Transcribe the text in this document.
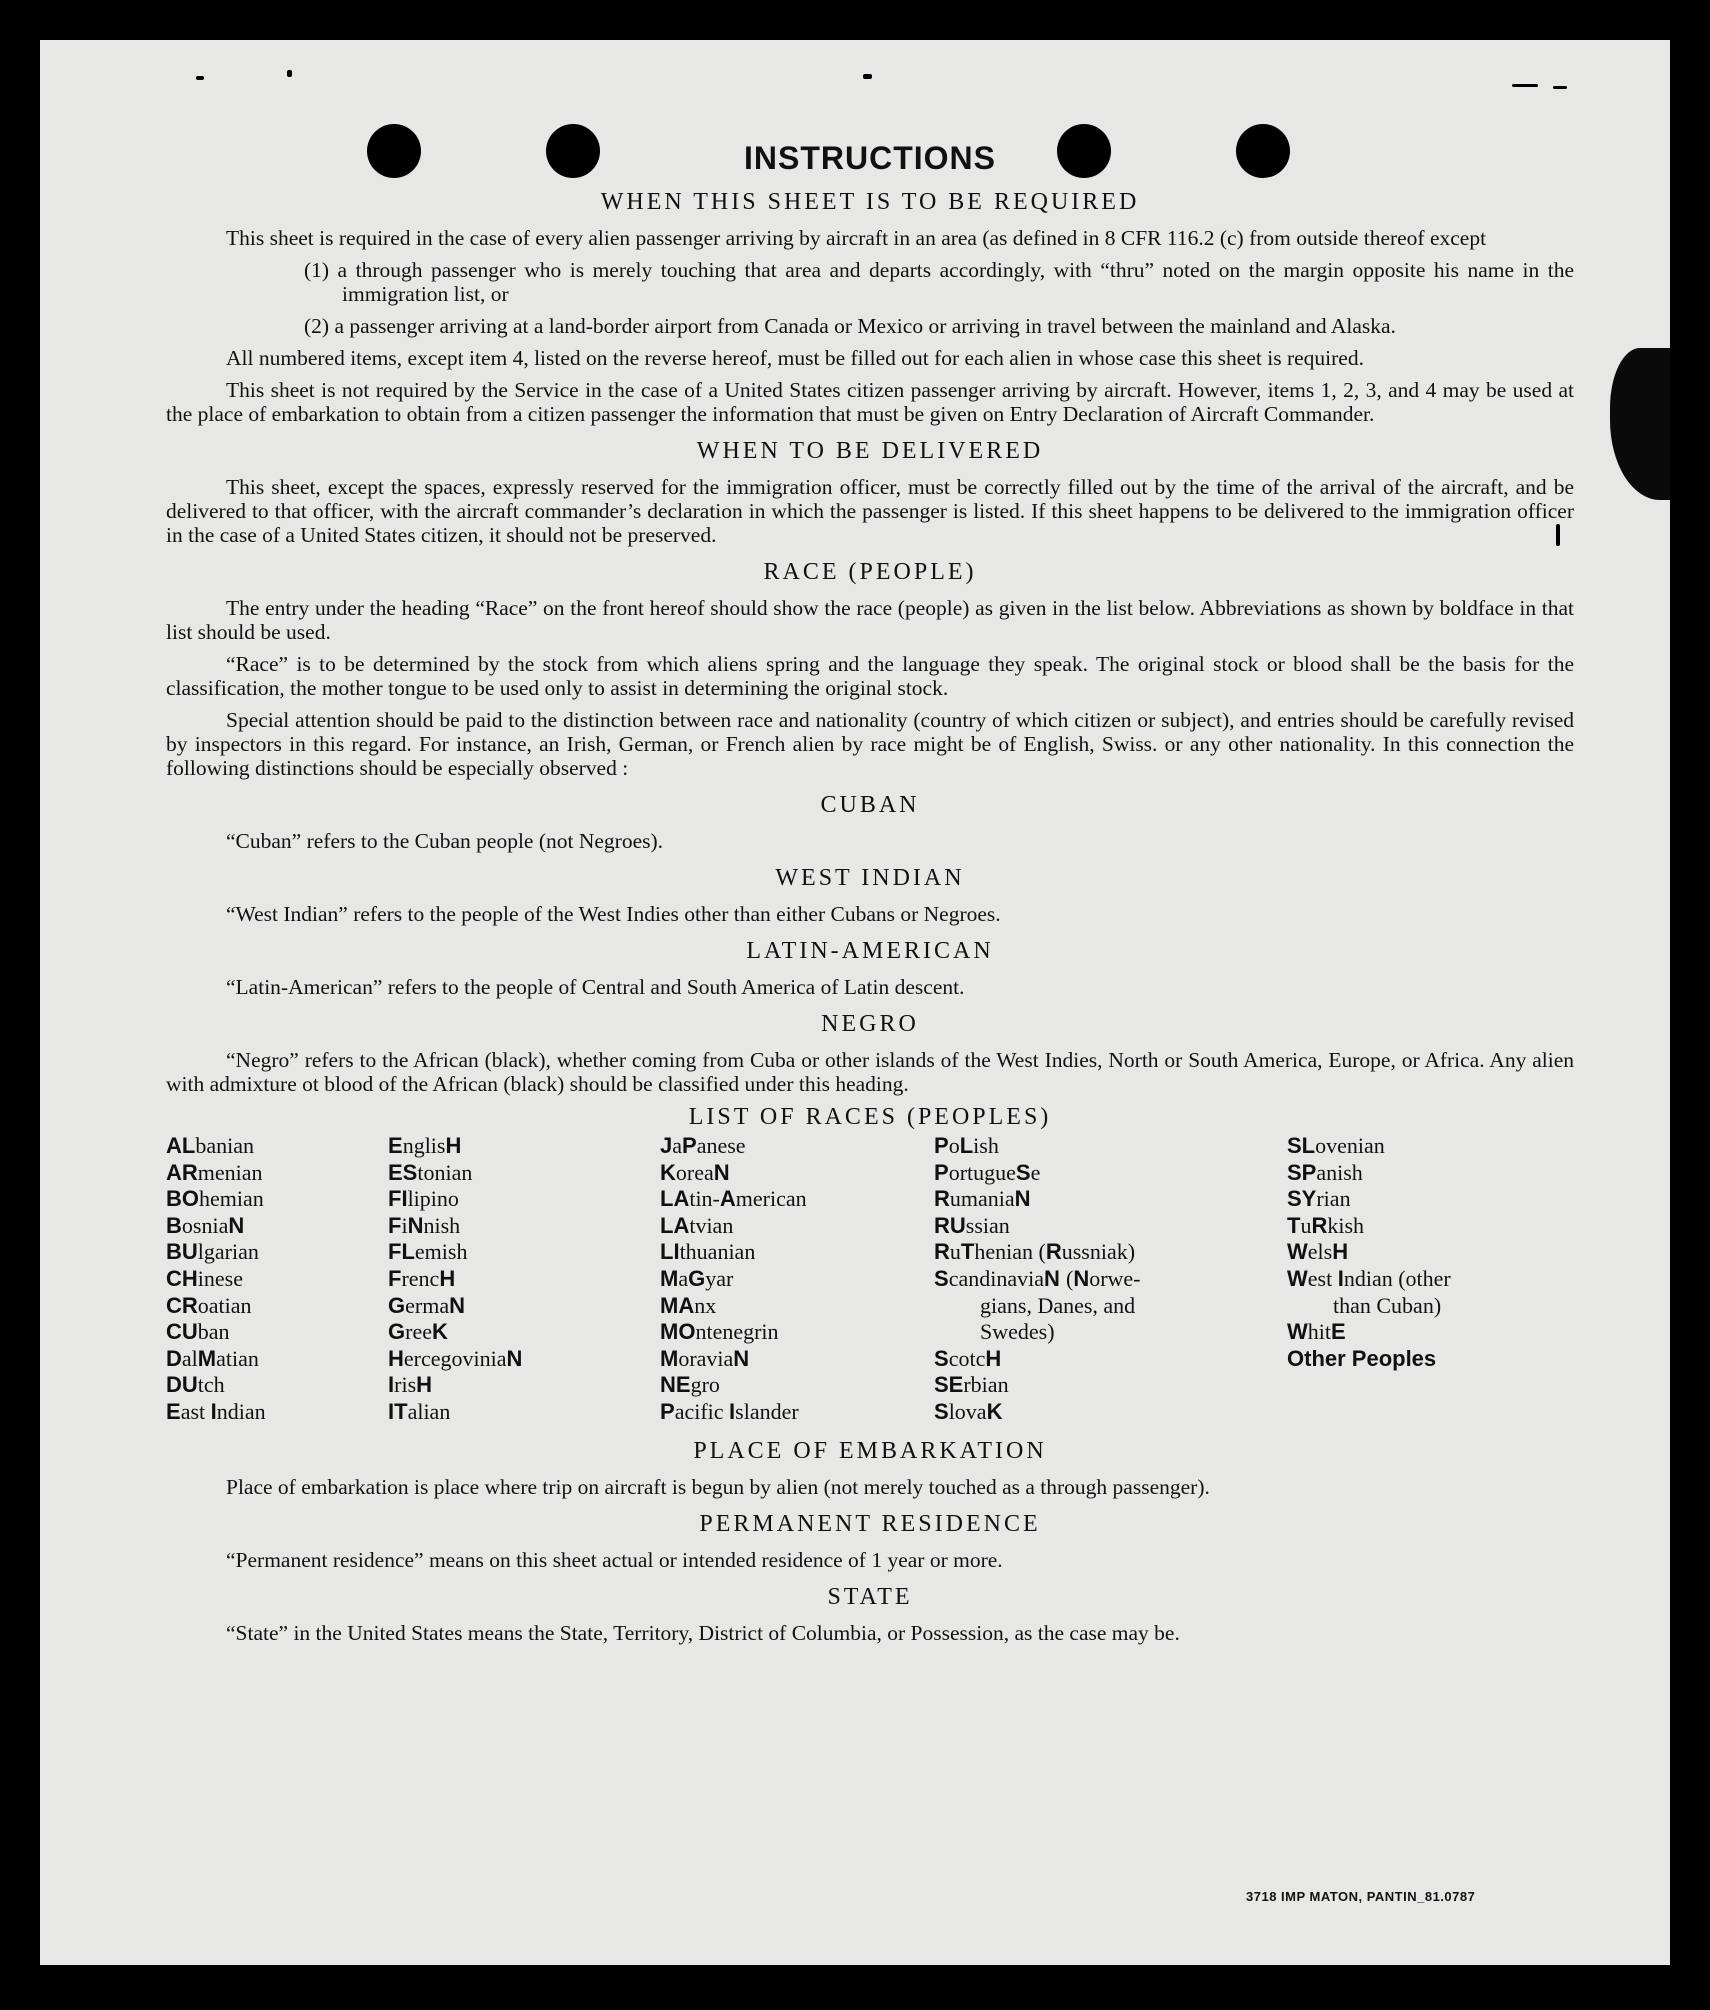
INSTRUCTIONS
WHEN THIS SHEET IS TO BE REQUIRED

This sheet is required in the case of every alien passenger arriving by aircraft in an area (as defined in 8 CFR 116.2 (c) from outside thereof except

(1) a through passenger who is merely touching that area and departs accordingly, with “thru” noted on the margin opposite his name in the immigration list, or

(2) a passenger arriving at a land-border airport from Canada or Mexico or arriving in travel between the mainland and Alaska.

All numbered items, except item 4, listed on the reverse hereof, must be filled out for each alien in whose case this sheet is required.

This sheet is not required by the Service in the case of a United States citizen passenger arriving by aircraft. However, items 1, 2, 3, and 4 may be used at the place of embarkation to obtain from a citizen passenger the information that must be given on Entry Declaration of Aircraft Commander.

WHEN TO BE DELIVERED

This sheet, except the spaces, expressly reserved for the immigration officer, must be correctly filled out by the time of the arrival of the aircraft, and be delivered to that officer, with the aircraft commander’s declaration in which the passenger is listed. If this sheet happens to be delivered to the immigration officer in the case of a United States citizen, it should not be preserved.

RACE (PEOPLE)

The entry under the heading “Race” on the front hereof should show the race (people) as given in the list below. Abbreviations as shown by boldface in that list should be used.

“Race” is to be determined by the stock from which aliens spring and the language they speak. The original stock or blood shall be the basis for the classification, the mother tongue to be used only to assist in determining the original stock.

Special attention should be paid to the distinction between race and nationality (country of which citizen or subject), and entries should be carefully revised by inspectors in this regard. For instance, an Irish, German, or French alien by race might be of English, Swiss. or any other nationality. In this connection the following distinctions should be especially observed :

CUBAN

“Cuban” refers to the Cuban people (not Negroes).

WEST INDIAN

“West Indian” refers to the people of the West Indies other than either Cubans or Negroes.

LATIN-AMERICAN

“Latin-American” refers to the people of Central and South America of Latin descent.

NEGRO

“Negro” refers to the African (black), whether coming from Cuba or other islands of the West Indies, North or South America, Europe, or Africa. Any alien with admixture ot blood of the African (black) should be classified under this heading.

LIST OF RACES (PEOPLES)
ALbanian
ARmenian
BOhemian
BosniaN
BUlgarian
CHinese
CRoatian
CUban
DalMatian
DUtch
East Indian
EnglisH
EStonian
FIlipino
FiNnish
FLemish
FrencH
GermaN
GreeK
HercegoviniaN
IrisH
ITalian
JaPanese
KoreaN
LAtin-American
LAtvian
LIthuanian
MaGyar
MAnx
MOntenegrin
MoraviaN
NEgro
Pacific Islander
PoLish
PortugueSe
RumaniaN
RUssian
RuThenian (Russniak)
ScandinaviaN (Norwe-
gians, Danes, and
Swedes)
ScotcH
SErbian
SlovaK
SLovenian
SPanish
SYrian
TuRkish
WelsH
West Indian (other
than Cuban)
WhitE
Other Peoples
PLACE OF EMBARKATION

Place of embarkation is place where trip on aircraft is begun by alien (not merely touched as a through passenger).

PERMANENT RESIDENCE

“Permanent residence” means on this sheet actual or intended residence of 1 year or more.

STATE

“State” in the United States means the State, Territory, District of Columbia, or Possession, as the case may be.

3718 IMP MATON, PANTIN_81.0787
